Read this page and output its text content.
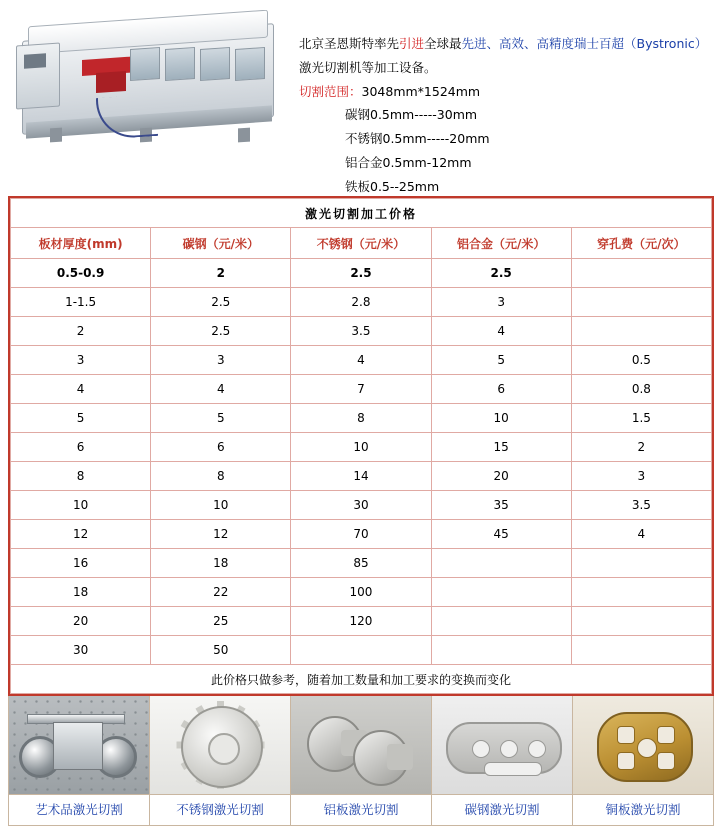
北京圣恩斯特率先引进全球最先进、高效、高精度瑞士百超（Bystronic）
激光切割机等加工设备。
切割范围：3048mm*1524mm
碳钢0.5mm-----30mm
不锈钢0.5mm-----20mm
铝合金0.5mm-12mm
铁板0.5--25mm
激光切割加工价格				
板材厚度(mm)	碳钢（元/米）	不锈钢（元/米）	铝合金（元/米）	穿孔费（元/次）
0.5-0.9	2	2.5	2.5	
1-1.5	2.5	2.8	3	
2	2.5	3.5	4	
3	3	4	5	0.5
4	4	7	6	0.8
5	5	8	10	1.5
6	6	10	15	2
8	8	14	20	3
10	10	30	35	3.5
12	12	70	45	4
16	18	85		
18	22	100		
20	25	120		
30	50			
此价格只做参考，随着加工数量和加工要求的变换而变化				
艺术品激光切割	不锈钢激光切割	铝板激光切割	碳钢激光切割	铜板激光切割
